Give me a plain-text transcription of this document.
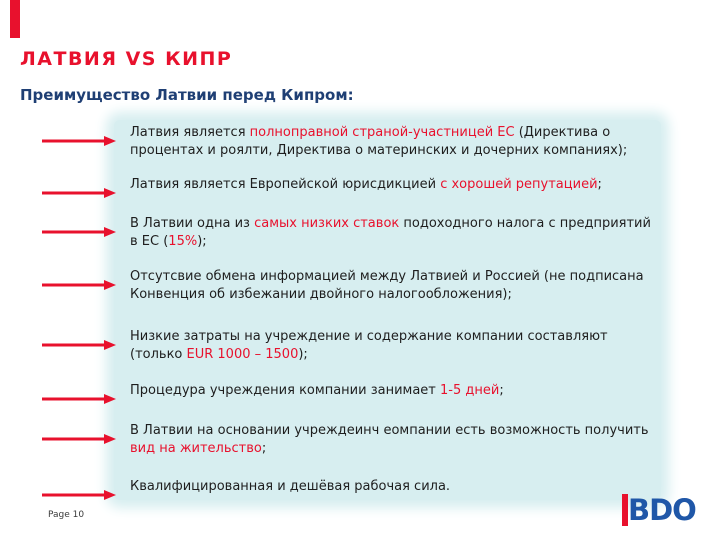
ЛАТВИЯ VS КИПР
Преимущество Латвии перед Кипром:
Латвия является полноправной страной-участницей ЕС (Директива о процентах и роялти, Директива о материнских и дочерних компаниях);
Латвия является Европейской юрисдикцией с хорошей репутацией;
В Латвии одна из самых низких ставок подоходного налога с предприятий в ЕС (15%);
Отсутсвие обмена информацией между Латвией и Россией (не подписана Конвенция об избежании двойного налогообложения);
Низкие затраты на учреждение и содержание компании составляют (только EUR 1000 – 1500);
Процедура учреждения компании занимает 1-5 дней;
В Латвии на основании учреждеинч еомпании есть возможность получить вид на жительство;
Квалифицированная и дешёвая рабочая сила.
Page 10	BDO
